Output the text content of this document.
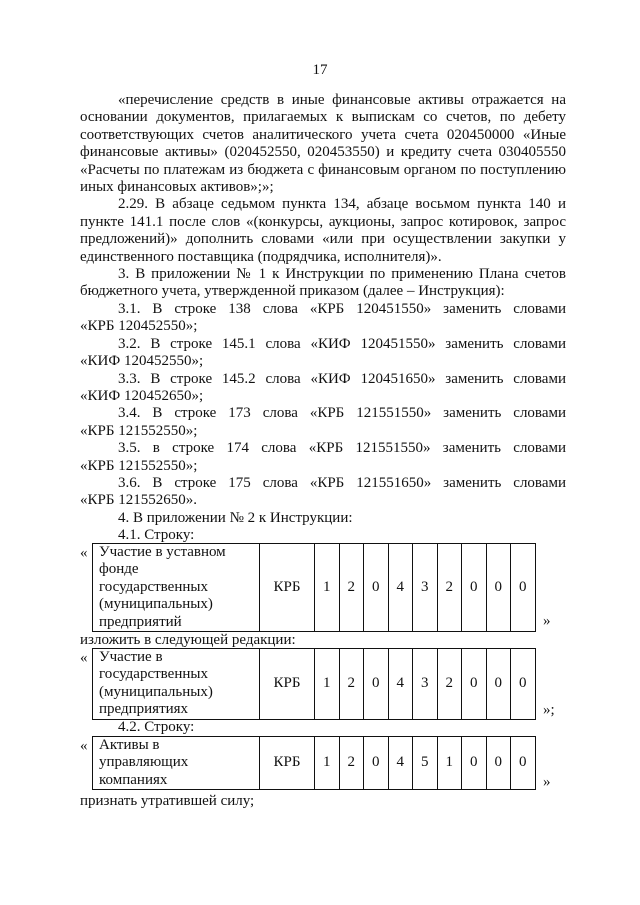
17
«перечисление средств в иные финансовые активы отражается на
основании документов, прилагаемых к выпискам со счетов, по дебету
соответствующих счетов аналитического учета счета 020450000 «Иные
финансовые активы» (020452550, 020453550) и кредиту счета 030405550
«Расчеты по платежам из бюджета с финансовым органом по поступлению
иных финансовых активов»;»;
2.29. В абзаце седьмом пункта 134, абзаце восьмом пункта 140 и
пункте 141.1 после слов «(конкурсы, аукционы, запрос котировок, запрос
предложений)» дополнить словами «или при осуществлении закупки у
единственного поставщика (подрядчика, исполнителя)».
3. В приложении № 1 к Инструкции по применению Плана счетов
бюджетного учета, утвержденной приказом (далее – Инструкция):
3.1. В строке 138 слова «КРБ 120451550» заменить словами
«КРБ 120452550»;
3.2. В строке 145.1 слова «КИФ 120451550» заменить словами
«КИФ 120452550»;
3.3. В строке 145.2 слова «КИФ 120451650» заменить словами
«КИФ 120452650»;
3.4. В строке 173 слова «КРБ 121551550» заменить словами
«КРБ 121552550»;
3.5. в строке 174 слова «КРБ 121551550» заменить словами
«КРБ 121552550»;
3.6. В строке 175 слова «КРБ 121551650» заменить словами
«КРБ 121552650».
4. В приложении № 2 к Инструкции:
4.1. Строку:
« Участие в уставном
фонде
государственных
(муниципальных)
предприятий	КРБ	1	2	0	4	3	2	0	0	0
»
изложить в следующей редакции:
« Участие в
государственных
(муниципальных)
предприятиях	КРБ	1	2	0	4	3	2	0	0	0
»;
4.2. Строку:
« Активы в
управляющих
компаниях	КРБ	1	2	0	4	5	1	0	0	0
»
признать утратившей силу;
